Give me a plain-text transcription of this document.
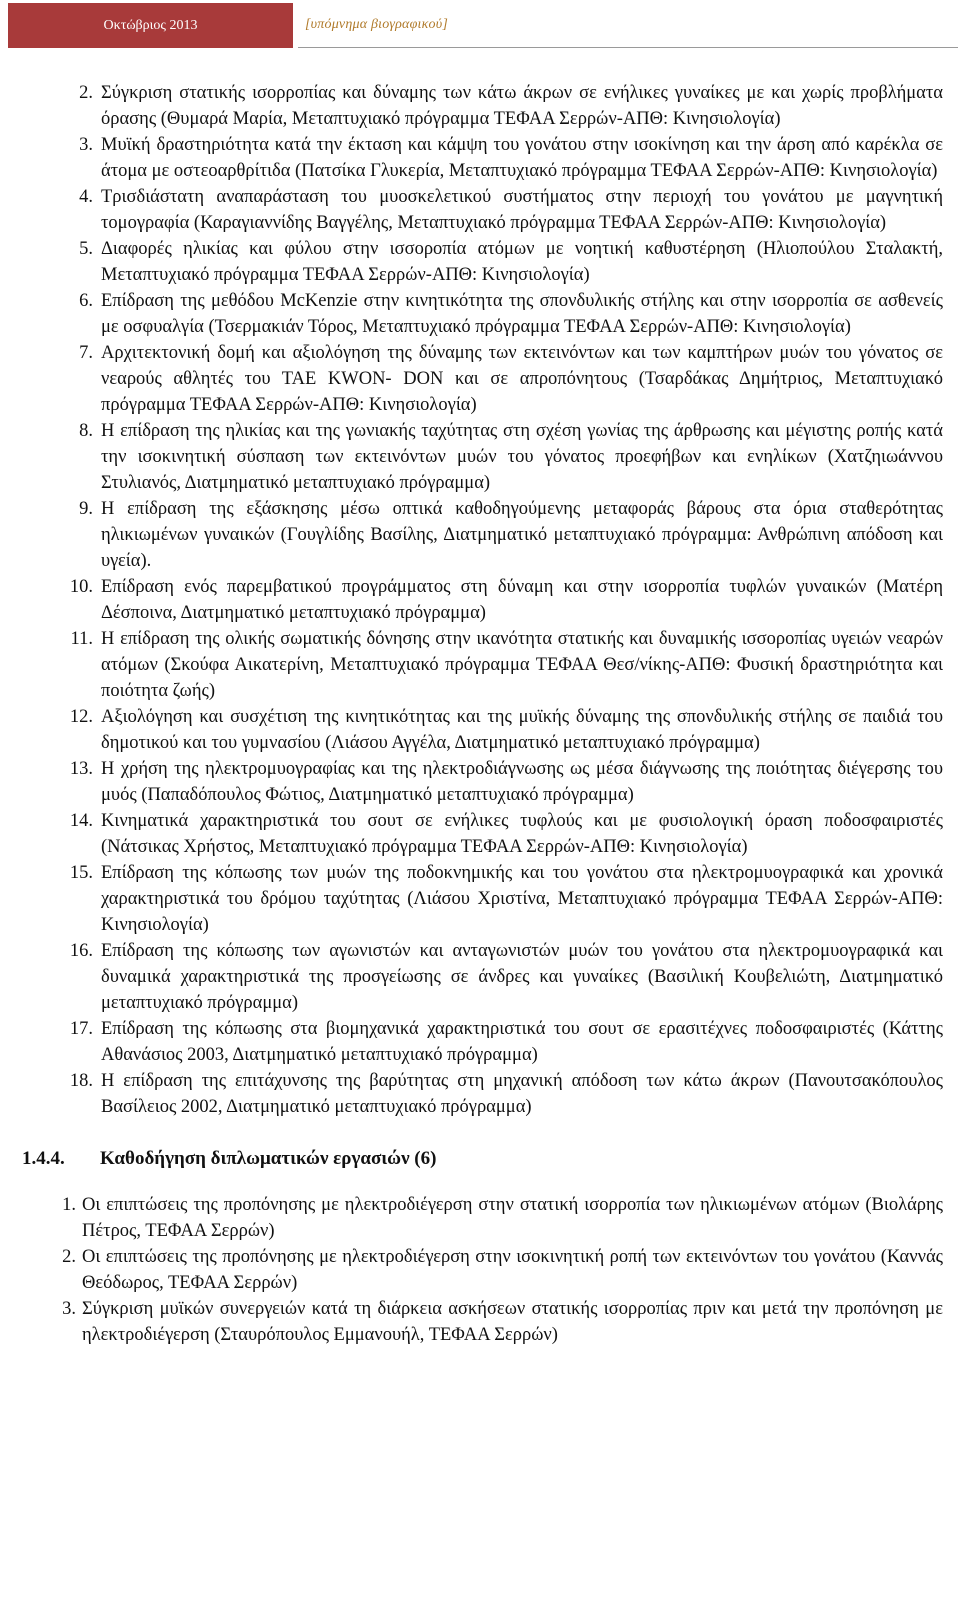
Οκτώβριος 2013	[υπόμνημα βιογραφικού]
2. Σύγκριση στατικής ισορροπίας και δύναμης των κάτω άκρων σε ενήλικες γυναίκες με και χωρίς προβλήματα όρασης (Θυμαρά Μαρία, Μεταπτυχιακό πρόγραμμα ΤΕΦΑΑ Σερρών-ΑΠΘ: Κινησιολογία)
3. Μυϊκή δραστηριότητα κατά την έκταση και κάμψη του γονάτου στην ισοκίνηση και την άρση από καρέκλα σε άτομα με οστεοαρθρίτιδα (Πατσίκα Γλυκερία, Μεταπτυχιακό πρόγραμμα ΤΕΦΑΑ Σερρών-ΑΠΘ: Κινησιολογία)
4. Τρισδιάστατη αναπαράσταση του μυοσκελετικού συστήματος στην περιοχή του γονάτου με μαγνητική τομογραφία (Καραγιαννίδης Βαγγέλης, Μεταπτυχιακό πρόγραμμα ΤΕΦΑΑ Σερρών-ΑΠΘ: Κινησιολογία)
5. Διαφορές ηλικίας και φύλου στην ισσοροπία ατόμων με νοητική καθυστέρηση (Ηλιοπούλου Σταλακτή, Μεταπτυχιακό πρόγραμμα ΤΕΦΑΑ Σερρών-ΑΠΘ: Κινησιολογία)
6. Επίδραση της μεθόδου McKenzie στην κινητικότητα της σπονδυλικής στήλης και στην ισορροπία σε ασθενείς με οσφυαλγία (Τσερμακιάν Τόρος, Μεταπτυχιακό πρόγραμμα ΤΕΦΑΑ Σερρών-ΑΠΘ: Κινησιολογία)
7. Αρχιτεκτονική δομή και αξιολόγηση της δύναμης των εκτεινόντων και των καμπτήρων μυών του γόνατος σε νεαρούς αθλητές του ΤΑΕ KWON- DON και σε απροπόνητους (Τσαρδάκας Δημήτριος, Μεταπτυχιακό πρόγραμμα ΤΕΦΑΑ Σερρών-ΑΠΘ: Κινησιολογία)
8. Η επίδραση της ηλικίας και της γωνιακής ταχύτητας στη σχέση γωνίας της άρθρωσης και μέγιστης ροπής κατά την ισοκινητική σύσπαση των εκτεινόντων μυών του γόνατος προεφήβων και ενηλίκων (Χατζηιωάννου Στυλιανός, Διατμηματικό μεταπτυχιακό πρόγραμμα)
9. Η επίδραση της εξάσκησης μέσω οπτικά καθοδηγούμενης μεταφοράς βάρους στα όρια σταθερότητας ηλικιωμένων γυναικών (Γουγλίδης Βασίλης, Διατμηματικό μεταπτυχιακό πρόγραμμα: Ανθρώπινη απόδοση και υγεία).
10. Επίδραση ενός παρεμβατικού προγράμματος στη δύναμη και στην ισορροπία τυφλών γυναικών (Ματέρη Δέσποινα, Διατμηματικό μεταπτυχιακό πρόγραμμα)
11. Η επίδραση της ολικής σωματικής δόνησης στην ικανότητα στατικής και δυναμικής ισσοροπίας υγειών νεαρών ατόμων (Σκούφα Αικατερίνη, Μεταπτυχιακό πρόγραμμα ΤΕΦΑΑ Θεσ/νίκης-ΑΠΘ: Φυσική δραστηριότητα και ποιότητα ζωής)
12. Αξιολόγηση και συσχέτιση της κινητικότητας και της μυϊκής δύναμης της σπονδυλικής στήλης σε παιδιά του δημοτικού και του γυμνασίου (Λιάσου Αγγέλα, Διατμηματικό μεταπτυχιακό πρόγραμμα)
13. Η χρήση της ηλεκτρομυογραφίας και της ηλεκτροδιάγνωσης ως μέσα διάγνωσης της ποιότητας διέγερσης του μυός (Παπαδόπουλος Φώτιος, Διατμηματικό μεταπτυχιακό πρόγραμμα)
14. Κινηματικά χαρακτηριστικά του σουτ σε ενήλικες τυφλούς και με φυσιολογική όραση ποδοσφαιριστές (Νάτσικας Χρήστος, Μεταπτυχιακό πρόγραμμα ΤΕΦΑΑ Σερρών-ΑΠΘ: Κινησιολογία)
15. Επίδραση της κόπωσης των μυών της ποδοκνημικής και του γονάτου στα ηλεκτρομυογραφικά και χρονικά χαρακτηριστικά του δρόμου ταχύτητας (Λιάσου Χριστίνα, Μεταπτυχιακό πρόγραμμα ΤΕΦΑΑ Σερρών-ΑΠΘ: Κινησιολογία)
16. Επίδραση της κόπωσης των αγωνιστών και ανταγωνιστών μυών του γονάτου στα ηλεκτρομυογραφικά και δυναμικά χαρακτηριστικά της προσγείωσης σε άνδρες και γυναίκες (Βασιλική Κουβελιώτη, Διατμηματικό μεταπτυχιακό πρόγραμμα)
17. Επίδραση της κόπωσης στα βιομηχανικά χαρακτηριστικά του σουτ σε ερασιτέχνες ποδοσφαιριστές (Κάττης Αθανάσιος 2003, Διατμηματικό μεταπτυχιακό πρόγραμμα)
18. Η επίδραση της επιτάχυνσης της βαρύτητας στη μηχανική απόδοση των κάτω άκρων (Πανουτσακόπουλος Βασίλειος 2002, Διατμηματικό μεταπτυχιακό πρόγραμμα)
1.4.4. Καθοδήγηση διπλωματικών εργασιών (6)
1. Οι επιπτώσεις της προπόνησης με ηλεκτροδιέγερση στην στατική ισορροπία των ηλικιωμένων ατόμων (Βιολάρης Πέτρος, ΤΕΦΑΑ Σερρών)
2. Οι επιπτώσεις της προπόνησης με ηλεκτροδιέγερση στην ισοκινητική ροπή των εκτεινόντων του γονάτου (Καννάς Θεόδωρος, ΤΕΦΑΑ Σερρών)
3. Σύγκριση μυϊκών συνεργειών κατά τη διάρκεια ασκήσεων στατικής ισορροπίας πριν και μετά την προπόνηση με ηλεκτροδιέγερση (Σταυρόπουλος Εμμανουήλ, ΤΕΦΑΑ Σερρών)
